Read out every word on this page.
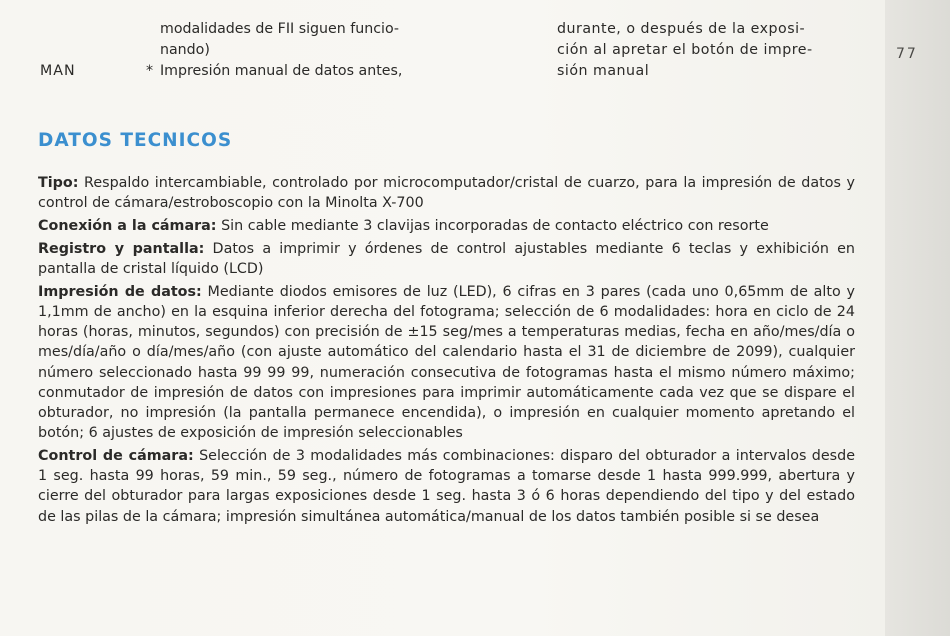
modalidades de FII siguen funcio-
nando)
MAN	* Impresión manual de datos antes,
durante, o después de la exposi-
ción al apretar el botón de impre-
sión manual
DATOS TECNICOS

Tipo: Respaldo intercambiable, controlado por microcomputador/cristal de cuarzo, para la impresión de datos y control de cámara/estroboscopio con la Minolta X-700

Conexión a la cámara: Sin cable mediante 3 clavijas incorporadas de contacto eléctrico con resorte

Registro y pantalla: Datos a imprimir y órdenes de control ajustables mediante 6 teclas y exhibición en pantalla de cristal líquido (LCD)

Impresión de datos: Mediante diodos emisores de luz (LED), 6 cifras en 3 pares (cada uno 0,65mm de alto y 1,1mm de ancho) en la esquina inferior derecha del fotograma; selección de 6 modalidades: hora en ciclo de 24 horas (horas, minutos, segundos) con precisión de ±15 seg/mes a temperaturas medias, fecha en año/mes/día o mes/día/año o día/mes/año (con ajuste automático del calendario hasta el 31 de diciembre de 2099), cualquier número seleccionado hasta 99 99 99, numeración consecutiva de fotogramas hasta el mismo número máximo; conmutador de impresión de datos con impresiones para imprimir automáticamente cada vez que se dispare el obturador, no impresión (la pantalla permanece encendida), o impresión en cualquier momento apretando el botón; 6 ajustes de exposición de impresión seleccionables

Control de cámara: Selección de 3 modalidades más combinaciones: disparo del obturador a intervalos desde 1 seg. hasta 99 horas, 59 min., 59 seg., número de fotogramas a tomarse desde 1 hasta 999.999, abertura y cierre del obturador para largas exposiciones desde 1 seg. hasta 3 ó 6 horas dependiendo del tipo y del estado de las pilas de la cámara; impresión simultánea automática/manual de los datos también posible si se desea

77
